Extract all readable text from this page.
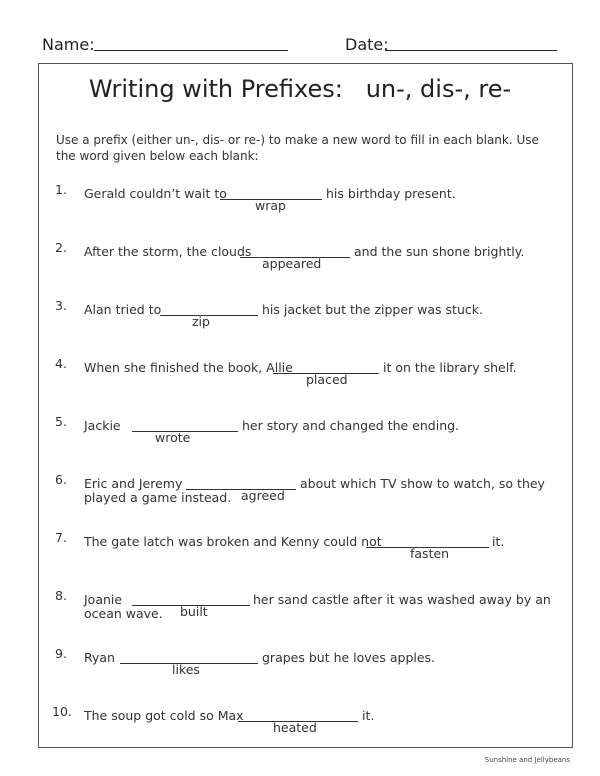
Name:	Date:
Writing with Prefixes:   un-, dis-, re-
Use a prefix (either un-, dis- or re-) to make a new word to fill in each blank. Use the word given below each blank:
1. Gerald couldn’t wait to	his birthday present.
wrap
2. After the storm, the clouds	and the sun shone brightly.
appeared
3. Alan tried to	his jacket but the zipper was stuck.
zip
4. When she finished the book, Allie	it on the library shelf.
placed
5. Jackie	her story and changed the ending.
wrote
6. Eric and Jeremy	about which TV show to watch, so they
played a game instead. agreed
7. The gate latch was broken and Kenny could not	it.
fasten
8. Joanie	her sand castle after it was washed away by an
ocean wave. built
9. Ryan	grapes but he loves apples.
likes
10. The soup got cold so Max	it.
heated
Sunshine and Jellybeans
